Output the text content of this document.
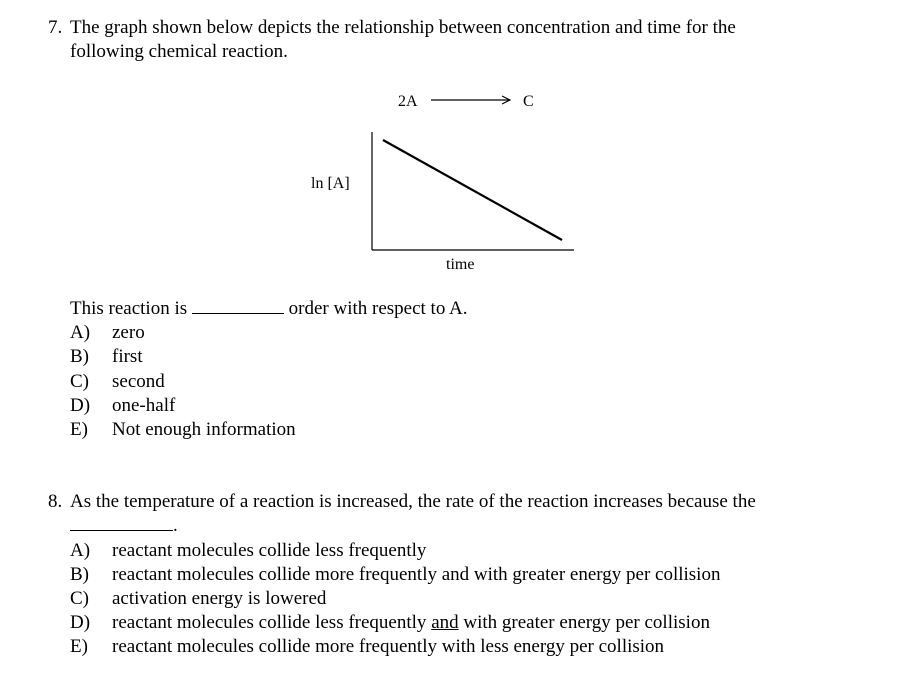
7. The graph shown below depicts the relationship between concentration and time for the
following chemical reaction.
2A	C
ln [A]
time
This reaction is	order with respect to A.
A) zero
B) first
C) second
D) one-half
E) Not enough information
8. As the temperature of a reaction is increased, the rate of the reaction increases because the
.
A) reactant molecules collide less frequently
B) reactant molecules collide more frequently and with greater energy per collision
C) activation energy is lowered
D) reactant molecules collide less frequently and with greater energy per collision
E) reactant molecules collide more frequently with less energy per collision
